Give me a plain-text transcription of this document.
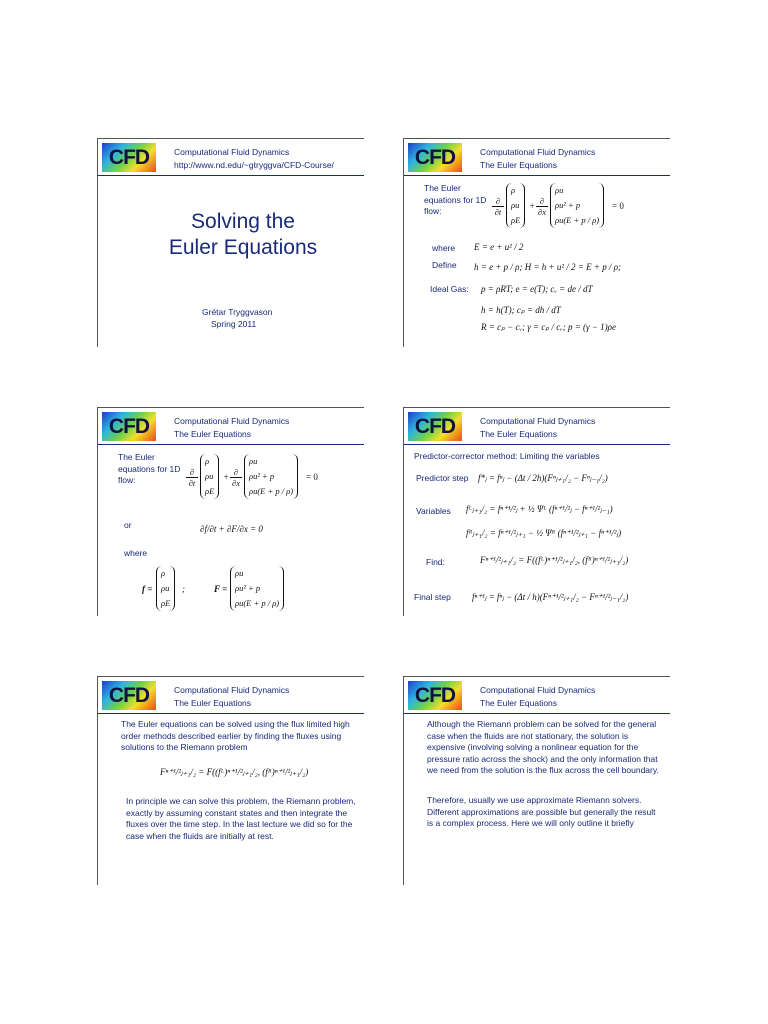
CFD	Computational Fluid Dynamics
http://www.nd.edu/~gtryggva/CFD-Course/
Solving the Euler Equations
Grétar Tryggvason
Spring 2011
CFD	Computational Fluid Dynamics
The Euler Equations
The Euler equations for 1D flow:
∂
∂t
ρ
ρu
ρE
+ ∂
∂x
ρu
ρu² + p
ρu(E + p / ρ)
= 0
where E = e + u² / 2
Define h = e + p / ρ; H = h + u² / 2 = E + p / ρ;
Ideal Gas: p = ρRT; e = e(T); cᵥ = de / dT
h = h(T); cₚ = dh / dT
R = cₚ − cᵥ; γ = cₚ / cᵥ; p = (γ − 1)ρe
CFD	Computational Fluid Dynamics
The Euler Equations
The Euler equations for 1D flow:
∂
∂t
ρ
ρu
ρE
+ ∂
∂x
ρu
ρu² + p
ρu(E + p / ρ)
= 0
or	∂f/∂t + ∂F/∂x = 0
where
f =
ρ
ρu
ρE
;	F =
ρu
ρu² + p
ρu(E + p / ρ)
CFD	Computational Fluid Dynamics
The Euler Equations
Predictor-corrector method: Limiting the variables
Predictor step f*ⱼ = fⁿⱼ − (Δt / 2h)(Fⁿⱼ₊₁/₂ − Fⁿⱼ₋₁/₂)
Variables fᴸⱼ₊₁/₂ = fⁿ⁺¹/²ⱼ + ½ Ψᴸ (fⁿ⁺¹/²ⱼ − fⁿ⁺¹/²ⱼ₋₁)
fᴿⱼ₊₁/₂ = fⁿ⁺¹/²ⱼ₊₁ − ½ Ψᴿ (fⁿ⁺¹/²ⱼ₊₁ − fⁿ⁺¹/²ⱼ)
Find:	Fⁿ⁺¹/²ⱼ₊₁/₂ = F((fᴸ)ⁿ⁺¹/²ⱼ₊₁/₂, (fᴿ)ⁿ⁺¹/²ⱼ₊₁/₂)
Final step fⁿ⁺¹ⱼ = fⁿⱼ − (Δt / h)(Fⁿ⁺¹/²ⱼ₊₁/₂ − Fⁿ⁺¹/²ⱼ₋₁/₂)
CFD	Computational Fluid Dynamics
The Euler Equations
The Euler equations can be solved using the flux limited high order methods described earlier by finding the fluxes using solutions to the Riemann problem
Fⁿ⁺¹/²ⱼ₊₁/₂ = F((fᴸ)ⁿ⁺¹/²ⱼ₊₁/₂, (fᴿ)ⁿ⁺¹/²ⱼ₊₁/₂)
In principle we can solve this problem, the Riemann problem, exactly by assuming constant states and then integrate the fluxes over the time step. In the last lecture we did so for the case when the fluids are initially at rest.
CFD	Computational Fluid Dynamics
The Euler Equations
Although the Riemann problem can be solved for the general case when the fluids are not stationary, the solution is expensive (involving solving a nonlinear equation for the pressure ratio across the shock) and the only information that we need from the solution is the flux across the cell boundary.
Therefore, usually we use approximate Riemann solvers. Different approximations are possible but generally the result is a complex process. Here we will only outline it briefly
